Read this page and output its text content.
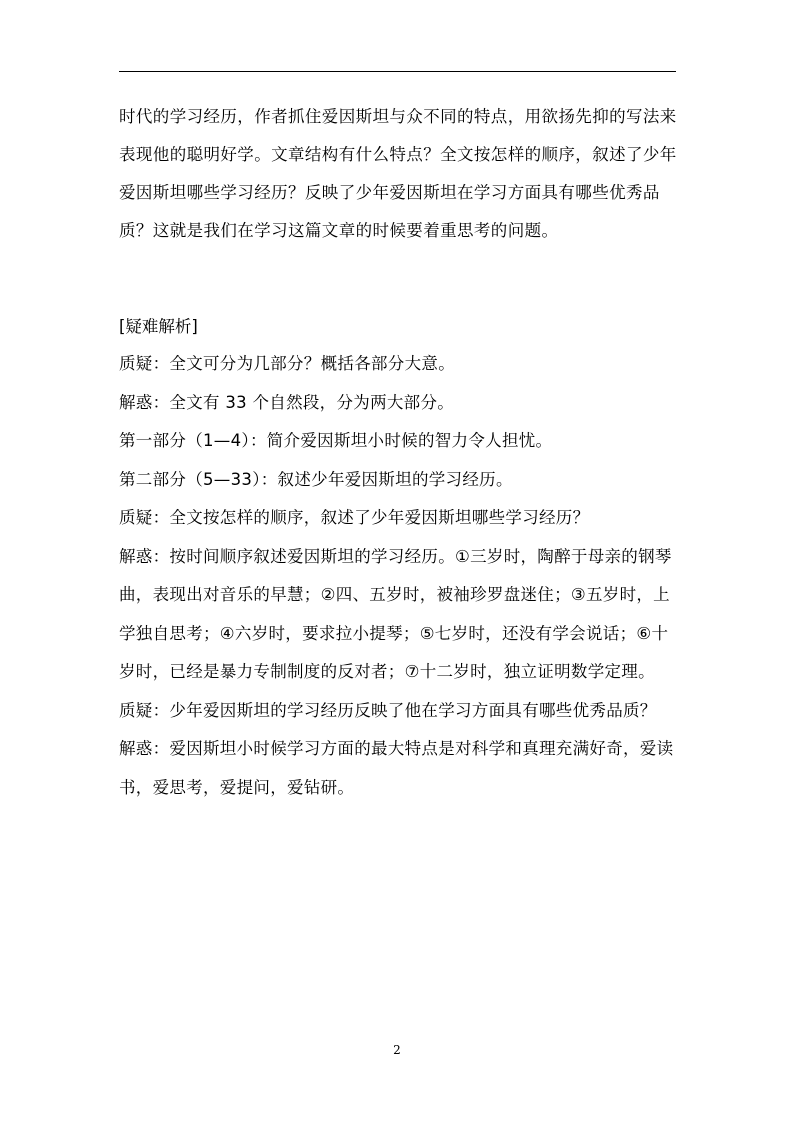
时代的学习经历，作者抓住爱因斯坦与众不同的特点，用欲扬先抑的写法来表现他的聪明好学。文章结构有什么特点？全文按怎样的顺序，叙述了少年爱因斯坦哪些学习经历？反映了少年爱因斯坦在学习方面具有哪些优秀品质？这就是我们在学习这篇文章的时候要着重思考的问题。

[疑难解析]

质疑：全文可分为几部分？概括各部分大意。

解惑：全文有 33 个自然段，分为两大部分。

第一部分（1—4）：简介爱因斯坦小时候的智力令人担忧。

第二部分（5—33）：叙述少年爱因斯坦的学习经历。

质疑：全文按怎样的顺序，叙述了少年爱因斯坦哪些学习经历？

解惑：按时间顺序叙述爱因斯坦的学习经历。①三岁时，陶醉于母亲的钢琴曲，表现出对音乐的早慧；②四、五岁时，被袖珍罗盘迷住；③五岁时，上学独自思考；④六岁时，要求拉小提琴；⑤七岁时，还没有学会说话；⑥十岁时，已经是暴力专制制度的反对者；⑦十二岁时，独立证明数学定理。

质疑：少年爱因斯坦的学习经历反映了他在学习方面具有哪些优秀品质？

解惑：爱因斯坦小时候学习方面的最大特点是对科学和真理充满好奇，爱读书，爱思考，爱提问，爱钻研。

2
